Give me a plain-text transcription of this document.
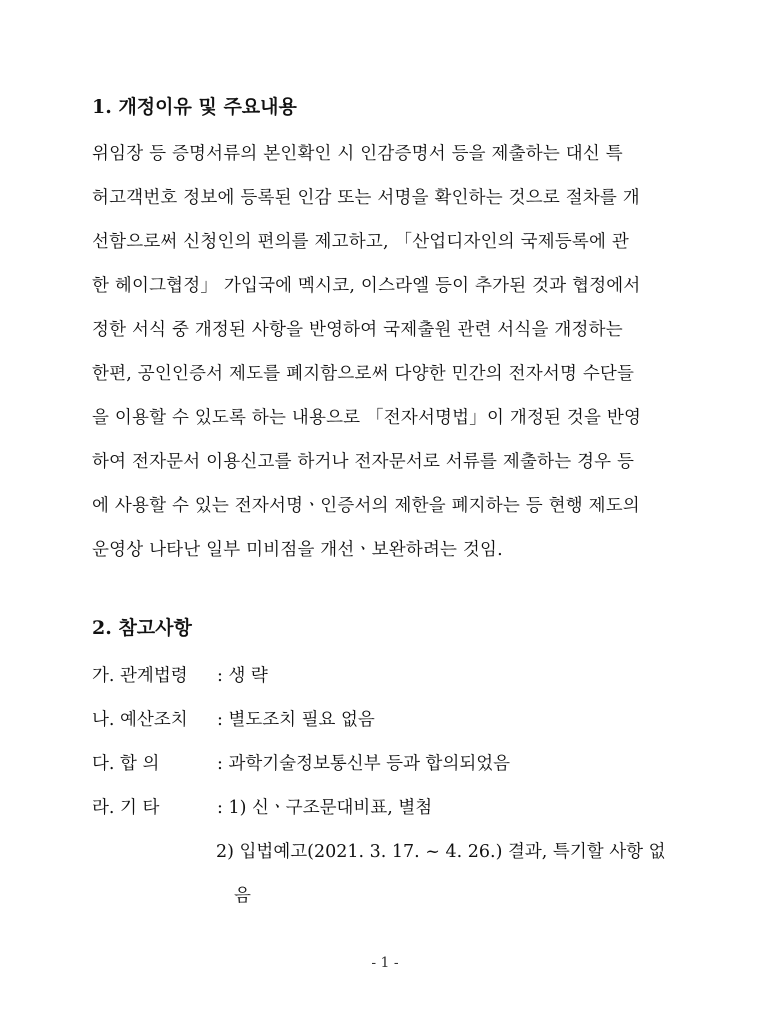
1. 개정이유 및 주요내용
위임장 등 증명서류의 본인확인 시 인감증명서 등을 제출하는 대신 특
허고객번호 정보에 등록된 인감 또는 서명을 확인하는 것으로 절차를 개
선함으로써 신청인의 편의를 제고하고, 「산업디자인의 국제등록에 관
한 헤이그협정」 가입국에 멕시코, 이스라엘 등이 추가된 것과 협정에서
정한 서식 중 개정된 사항을 반영하여 국제출원 관련 서식을 개정하는
한편, 공인인증서 제도를 폐지함으로써 다양한 민간의 전자서명 수단들
을 이용할 수 있도록 하는 내용으로 「전자서명법」이 개정된 것을 반영
하여 전자문서 이용신고를 하거나 전자문서로 서류를 제출하는 경우 등
에 사용할 수 있는 전자서명ㆍ인증서의 제한을 폐지하는 등 현행 제도의
운영상 나타난 일부 미비점을 개선ㆍ보완하려는 것임.
2. 참고사항
가. 관계법령 : 생 략
나. 예산조치 : 별도조치 필요 없음
다. 합 의	: 과학기술정보통신부 등과 합의되었음
라. 기 타	: 1) 신ㆍ구조문대비표, 별첨
2) 입법예고(2021. 3. 17. ~ 4. 26.) 결과, 특기할 사항 없
음
- 1 -
